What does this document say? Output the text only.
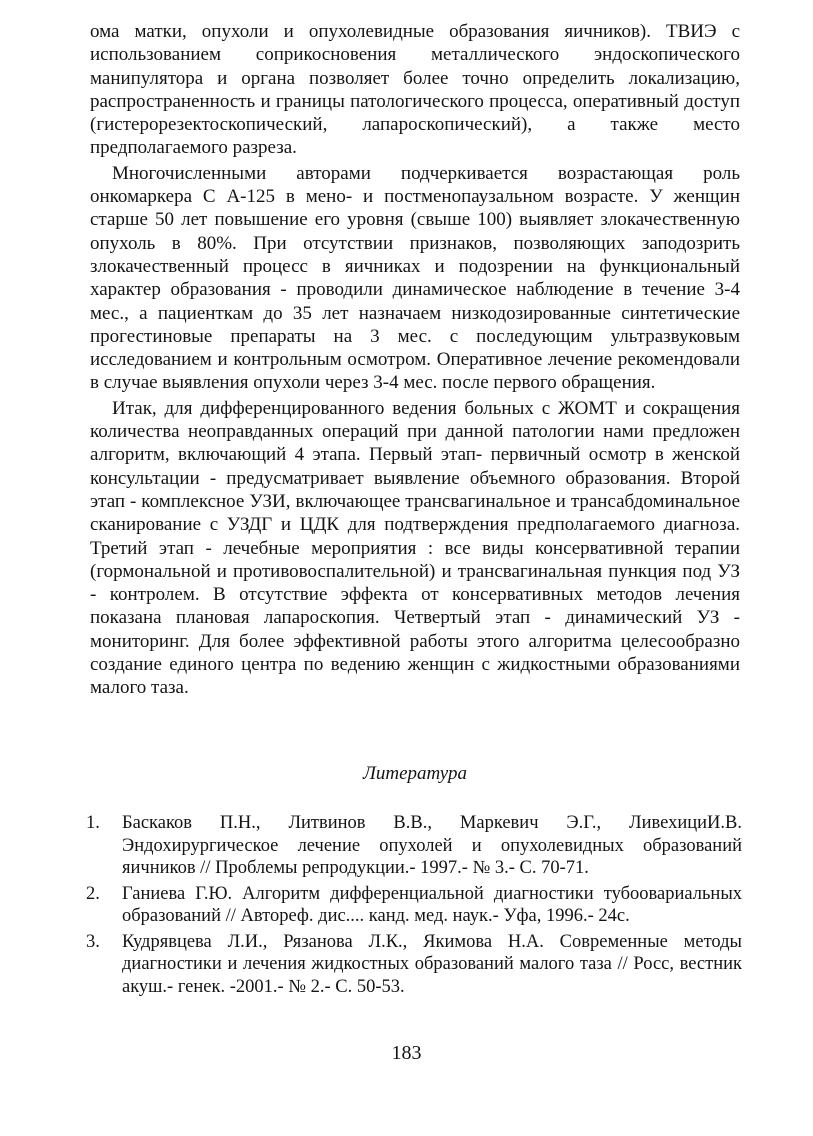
ома матки, опухоли и опухолевидные образования яичников). ТВИЭ с использованием соприкосновения металлического эндоскопического манипулятора и органа позволяет более точно определить локализацию, распространенность и границы патологического процесса, оперативный доступ (гистерорезектоскопический, лапароскопический), а также место предполагаемого разреза.

Многочисленными авторами подчеркивается возрастающая роль онкомаркера С А-125 в мено- и постменопаузальном возрасте. У женщин старше 50 лет повышение его уровня (свыше 100) выявляет злокачественную опухоль в 80%. При отсутствии признаков, позволяющих заподозрить злокачественный процесс в яичниках и подозрении на функциональный характер образования - проводили динамическое наблюдение в течение 3-4 мес., а пациенткам до 35 лет назначаем низкодозированные синтетические прогестиновые препараты на 3 мес. с последующим ультразвуковым исследованием и контрольным осмотром. Оперативное лечение рекомендовали в случае выявления опухоли через 3-4 мес. после первого обращения.

Итак, для дифференцированного ведения больных с ЖОМТ и сокращения количества неоправданных операций при данной патологии нами предложен алгоритм, включающий 4 этапа. Первый этап- первичный осмотр в женской консультации - предусматривает выявление объемного образования. Второй этап - комплексное УЗИ, включающее трансвагинальное и трансабдоминальное сканирование с УЗДГ и ЦДК для подтверждения предполагаемого диагноза. Третий этап - лечебные мероприятия : все виды консервативной терапии (гормональной и противовоспалительной) и трансвагинальная пункция под УЗ - контролем. В отсутствие эффекта от консервативных методов лечения показана плановая лапароскопия. Четвертый этап - динамический УЗ - мониторинг. Для более эффективной работы этого алгоритма целесообразно создание единого центра по ведению женщин с жидкостными образованиями малого таза.

Литература
1.	Баскаков П.Н., Литвинов В.В., Маркевич Э.Г., ЛивехициИ.В. Эндохирургическое лечение опухолей и опухолевидных образований яичников // Проблемы репродукции.- 1997.- № 3.- С. 70-71.
2.	Ганиева Г.Ю. Алгоритм дифференциальной диагностики тубоовариальных образований // Автореф. дис.... канд. мед. наук.- Уфа, 1996.- 24с.
3.	Кудрявцева Л.И., Рязанова Л.К., Якимова Н.А. Современные методы диагностики и лечения жидкостных образований малого таза // Росс, вестник акуш.- генек. -2001.- № 2.- С. 50-53.
183
